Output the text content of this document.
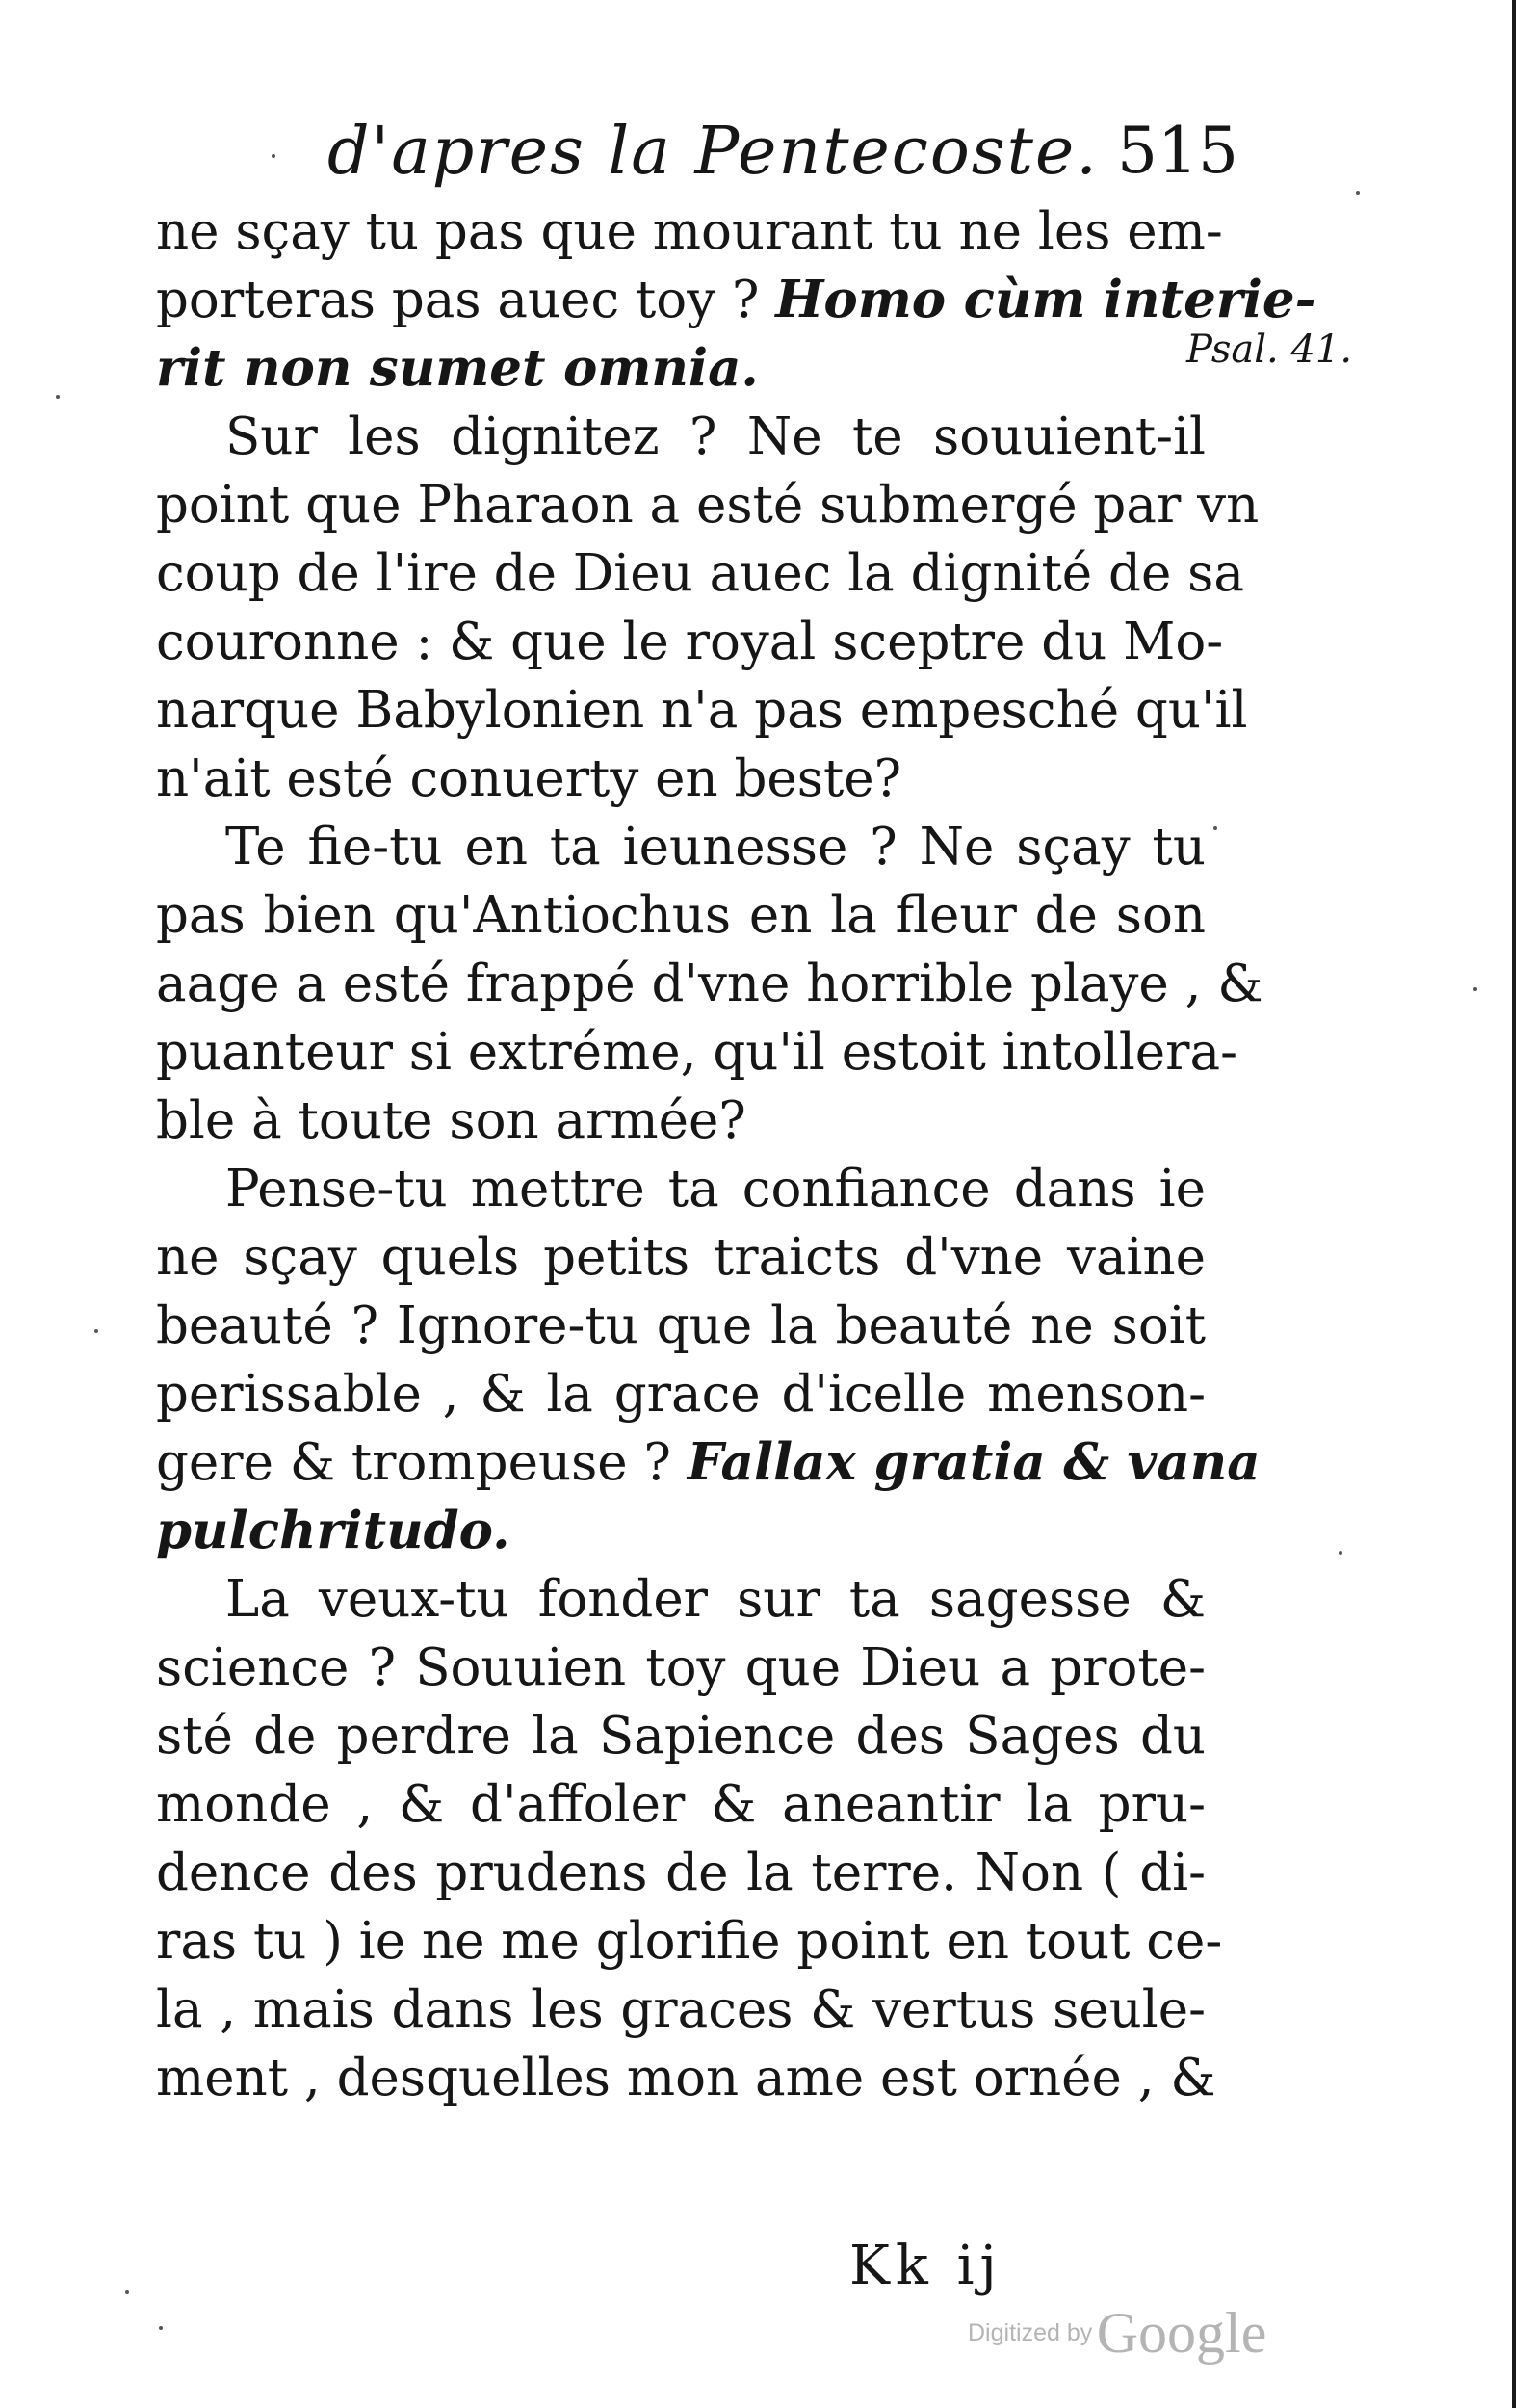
d'apres la Pentecoste. 515
Psal. 41.
ne sçay tu pas que mourant tu ne les em-
porteras pas auec toy ? Homo cùm interie-
rit non sumet omnia.
Sur les dignitez ? Ne te souuient-il
point que Pharaon a esté submergé par vn
coup de l'ire de Dieu auec la dignité de sa
couronne : & que le royal sceptre du Mo-
narque Babylonien n'a pas empesché qu'il
n'ait esté conuerty en beste?
Te fie-tu en ta ieunesse ? Ne sçay tu
pas bien qu'Antiochus en la fleur de son
aage a esté frappé d'vne horrible playe , &
puanteur si extréme, qu'il estoit intollera-
ble à toute son armée?
Pense-tu mettre ta confiance dans ie
ne sçay quels petits traicts d'vne vaine
beauté ? Ignore-tu que la beauté ne soit
perissable , & la grace d'icelle menson-
gere & trompeuse ? Fallax gratia & vana
pulchritudo.
La veux-tu fonder sur ta sagesse &
science ? Souuien toy que Dieu a prote-
sté de perdre la Sapience des Sages du
monde , & d'affoler & aneantir la pru-
dence des prudens de la terre. Non ( di-
ras tu ) ie ne me glorifie point en tout ce-
la , mais dans les graces & vertus seule-
ment , desquelles mon ame est ornée , &
Kk ij
Digitized by Google
